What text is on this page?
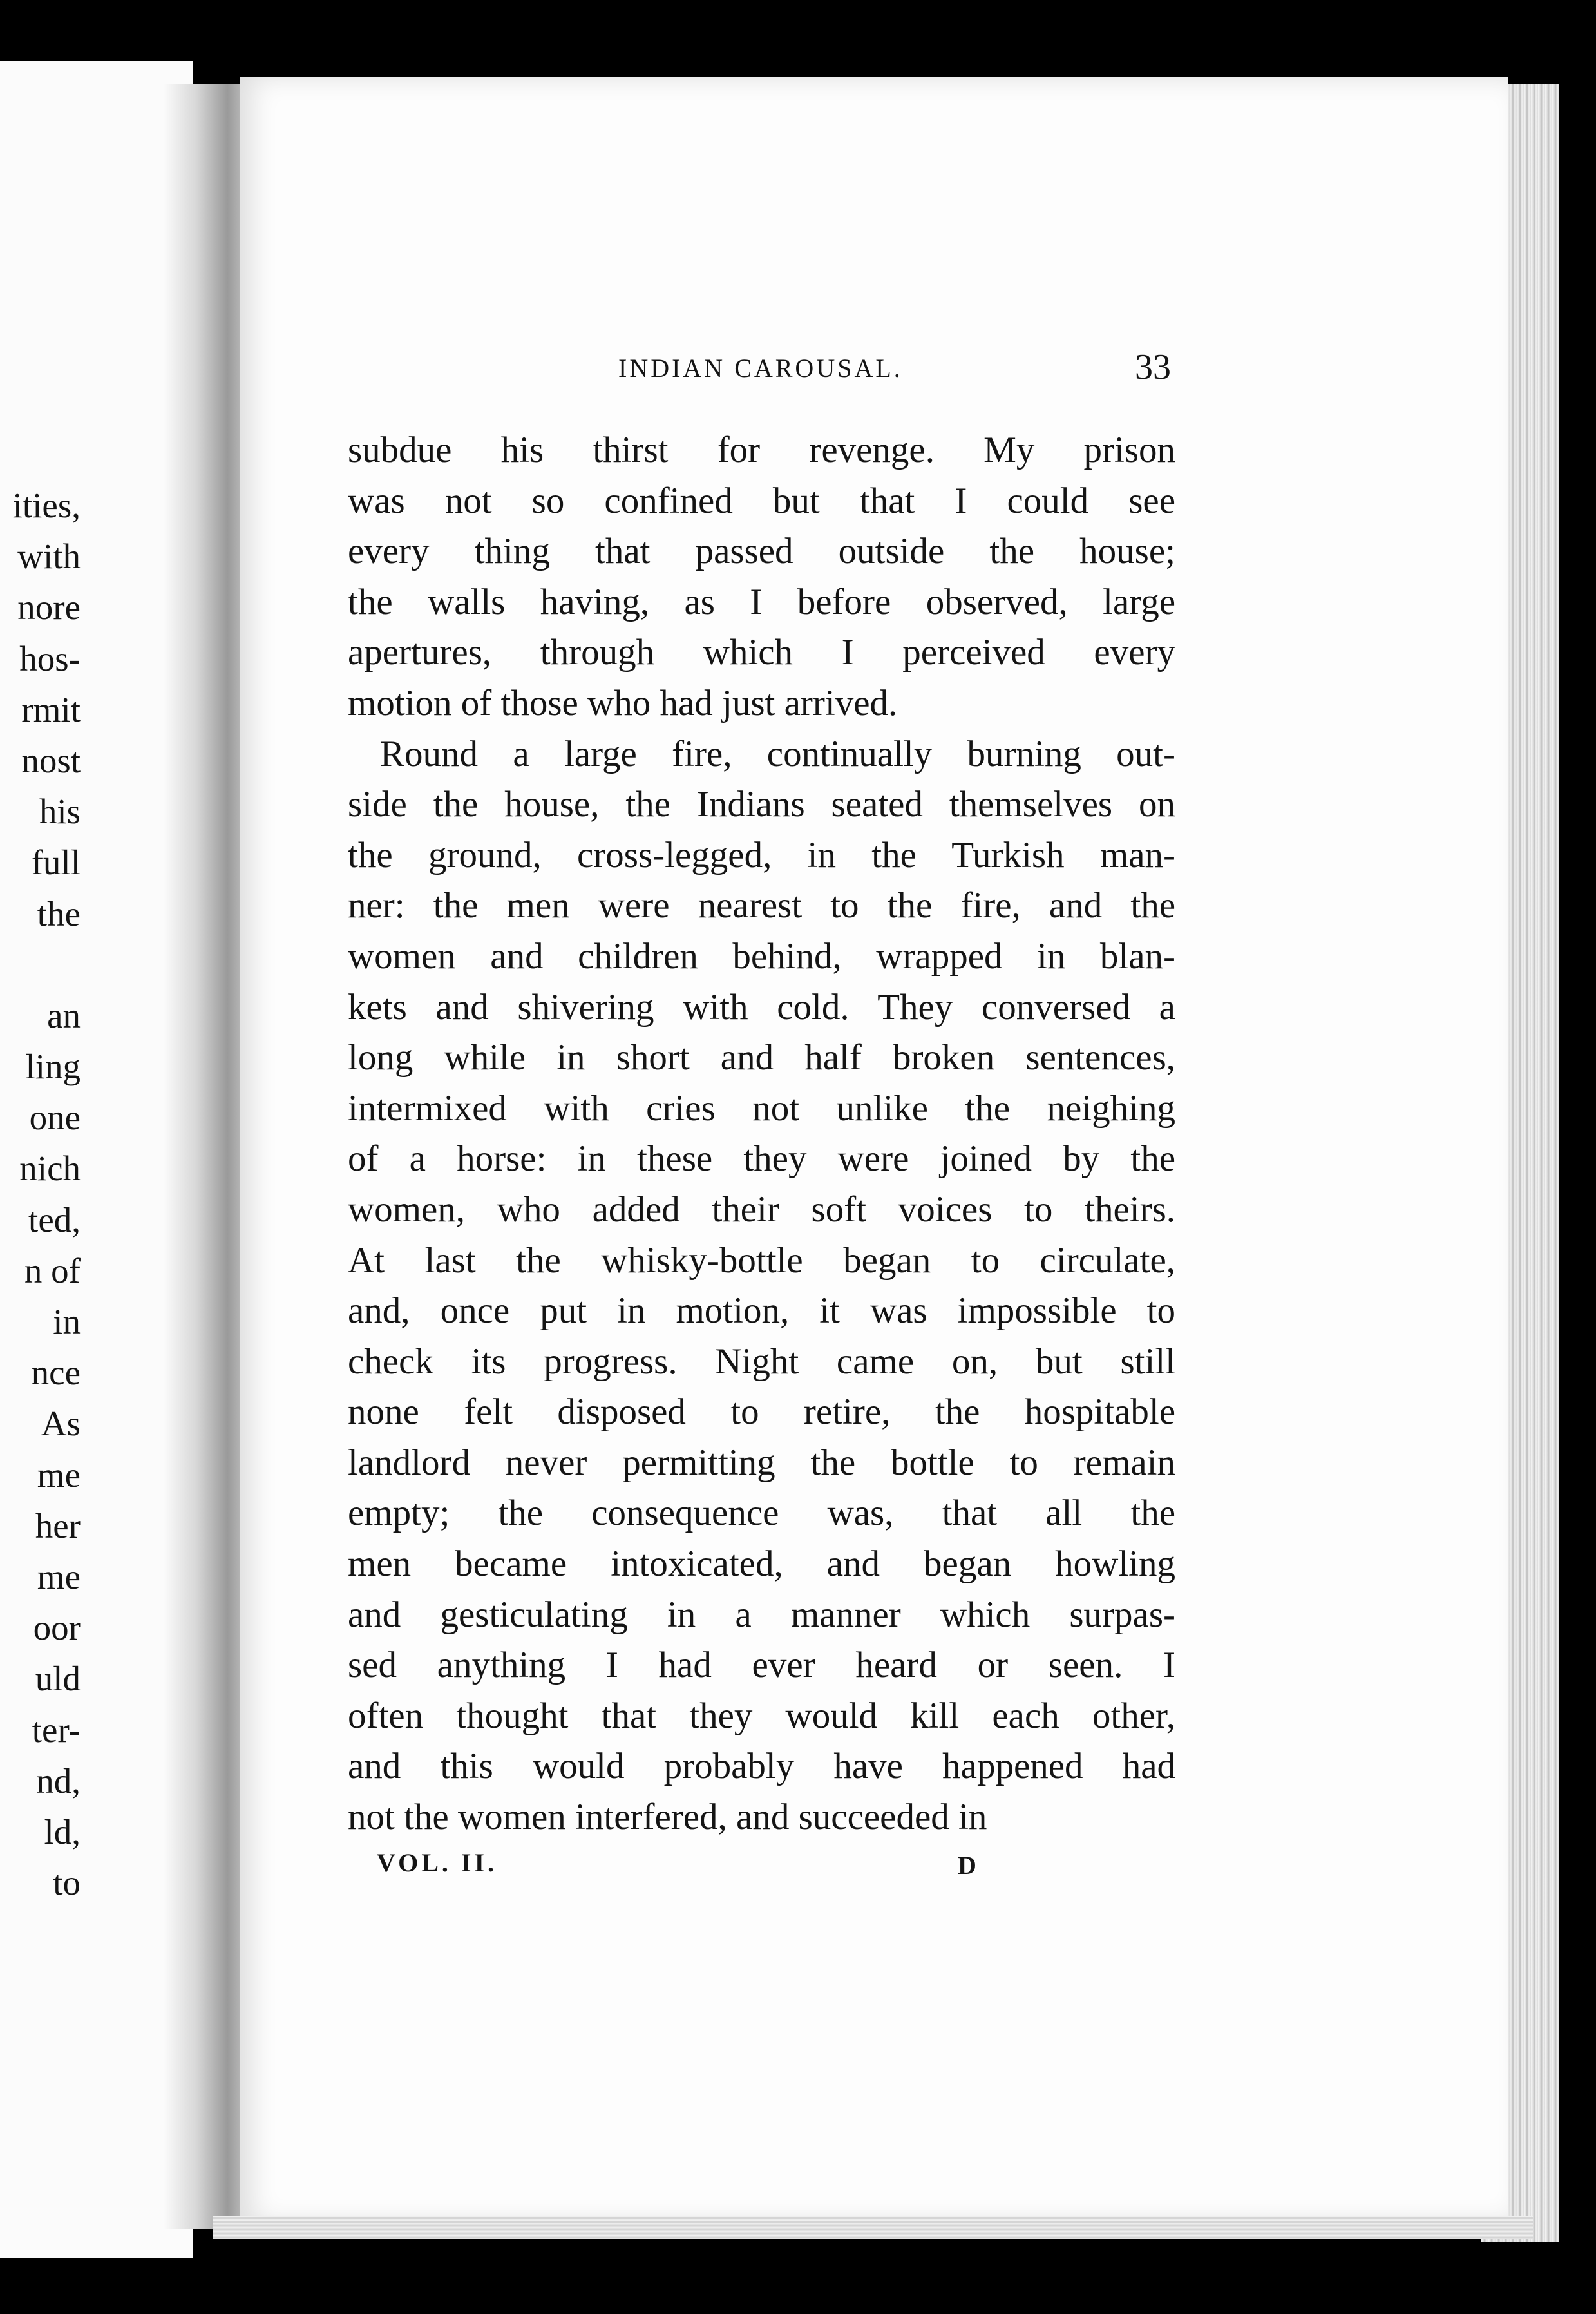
ities,
with
nore
hos-
rmit
nost
his
full
the
an
ling
one
nich
ted,
n of
in
nce
As
me
her
me
oor
uld
ter-
nd,
ld,
to
INDIAN CAROUSAL.	33
subdue his thirst for revenge. My prison
was not so confined but that I could see
every thing that passed outside the house;
the walls having, as I before observed, large
apertures, through which I perceived every
motion of those who had just arrived.
Round a large fire, continually burning out-
side the house, the Indians seated themselves on
the ground, cross-legged, in the Turkish man-
ner: the men were nearest to the fire, and the
women and children behind, wrapped in blan-
kets and shivering with cold. They conversed a
long while in short and half broken sentences,
intermixed with cries not unlike the neighing
of a horse: in these they were joined by the
women, who added their soft voices to theirs.
At last the whisky-bottle began to circulate,
and, once put in motion, it was impossible to
check its progress. Night came on, but still
none felt disposed to retire, the hospitable
landlord never permitting the bottle to remain
empty; the consequence was, that all the
men became intoxicated, and began howling
and gesticulating in a manner which surpas-
sed anything I had ever heard or seen. I
often thought that they would kill each other,
and this would probably have happened had
not the women interfered, and succeeded in
VOL. II.	D
